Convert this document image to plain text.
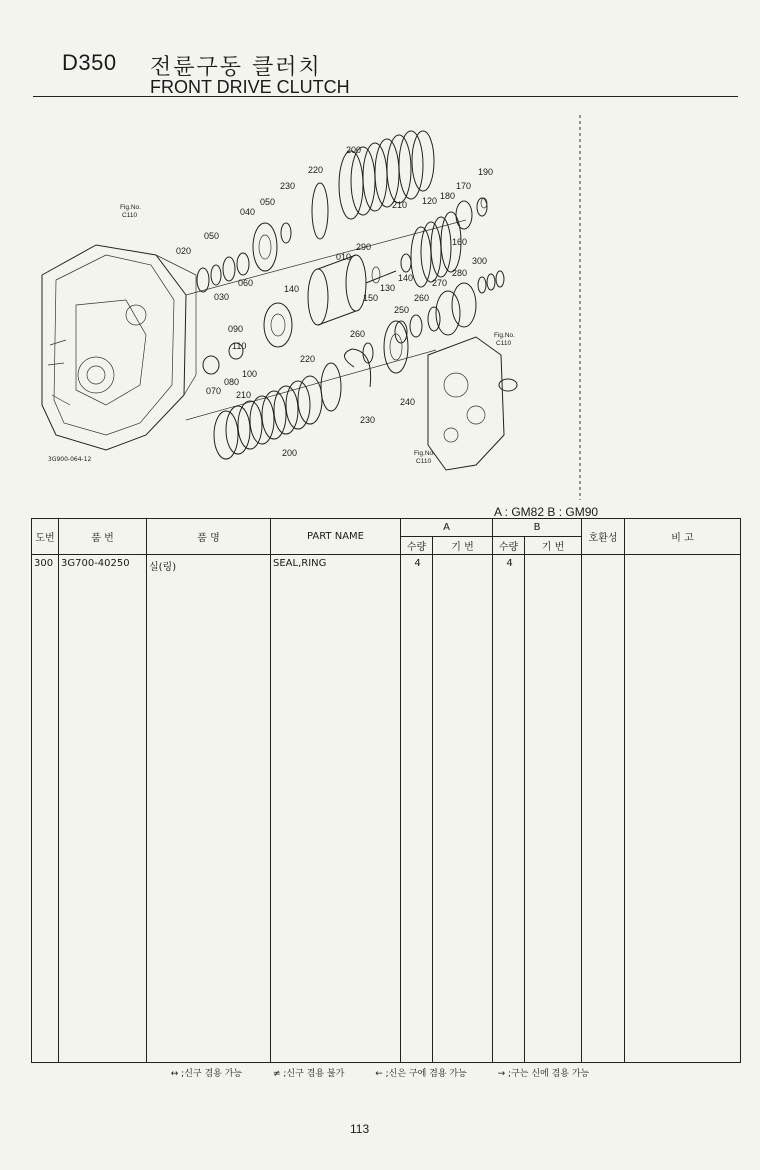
D350 전륜구동 클러치
FRONT DRIVE CLUTCH
200
220
230
050
040
190
170
180
120
210
050
020
010
290	160
060
030
140
150
130
140
300
270
280
260
250
110
090	260
220
100
080
070 210
230
240
200
Fig.No.
C110
Fig.No.
C110
Fig.No.
C110
3G900-064-12
A : GM82 B : GM90
도번	품 번	품 명	PART NAME	A		B		호환성	비 고
				수량	기 번	수량	기 번		
300	3G700-40250	실(링)	SEAL,RING	4		4			

↔ ;신구 겸용 가능	≠ ;신구 겸용 불가	← ;신은 구에 겸용 가능	→ ;구는 신에 겸용 가능
113
